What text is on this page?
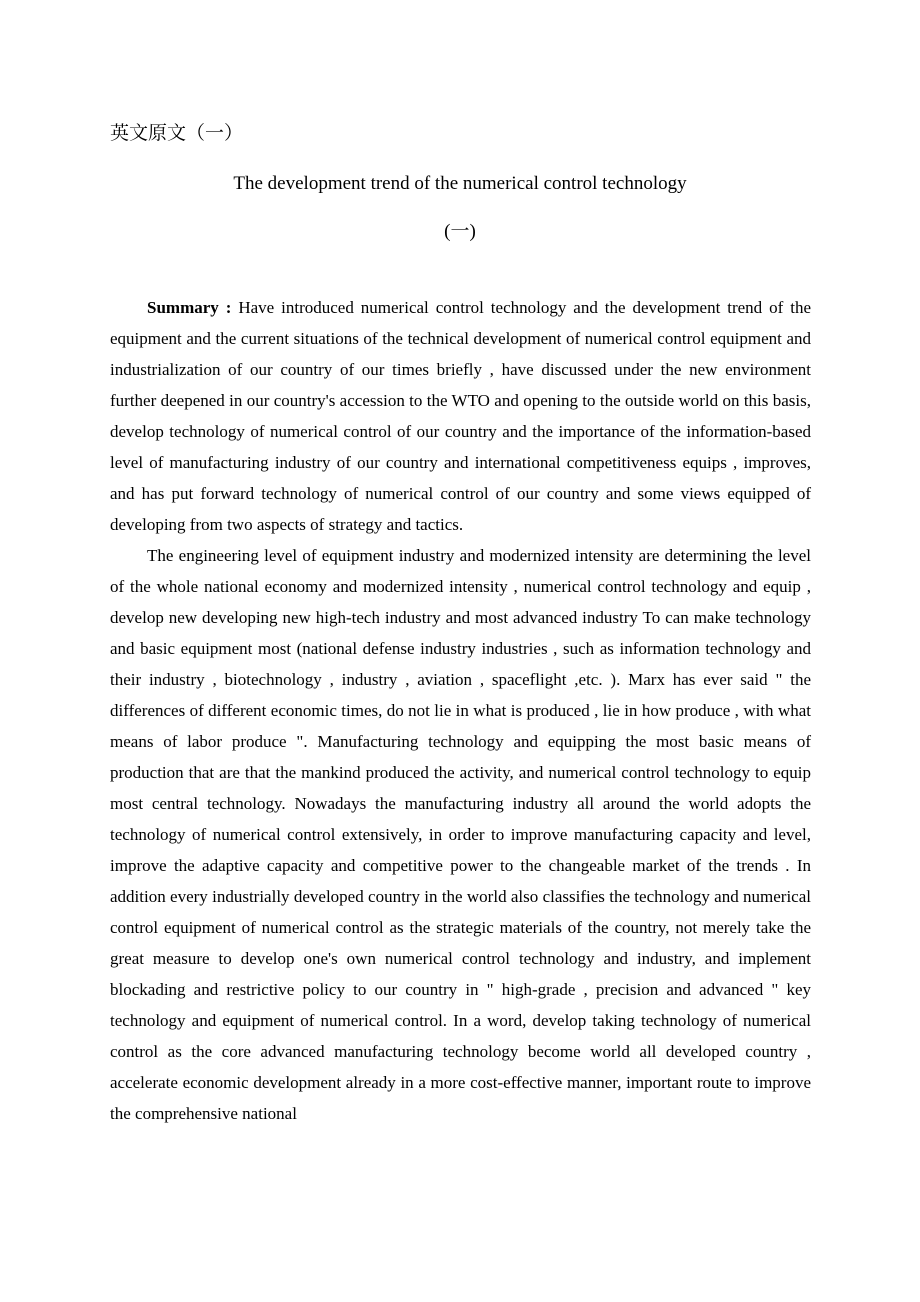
英文原文（一）
The development trend of the numerical control technology
(一)

Summary : Have introduced numerical control technology and the development trend of the equipment and the current situations of the technical development of numerical control equipment and industrialization of our country of our times briefly , have discussed under the new environment further deepened in our country's accession to the WTO and opening to the outside world on this basis, develop technology of numerical control of our country and the importance of the information-based level of manufacturing industry of our country and international competitiveness equips , improves, and has put forward technology of numerical control of our country and some views equipped of developing from two aspects of strategy and tactics.

The engineering level of equipment industry and modernized intensity are determining the level of the whole national economy and modernized intensity , numerical control technology and equip , develop new developing new high-tech industry and most advanced industry To can make technology and basic equipment most (national defense industry industries , such as information technology and their industry , biotechnology , industry , aviation , spaceflight ,etc. ). Marx has ever said " the differences of different economic times, do not lie in what is produced , lie in how produce , with what means of labor produce ". Manufacturing technology and equipping the most basic means of production that are that the mankind produced the activity, and numerical control technology to equip most central technology. Nowadays the manufacturing industry all around the world adopts the technology of numerical control extensively, in order to improve manufacturing capacity and level, improve the adaptive capacity and competitive power to the changeable market of the trends . In addition every industrially developed country in the world also classifies the technology and numerical control equipment of numerical control as the strategic materials of the country, not merely take the great measure to develop one's own numerical control technology and industry, and implement blockading and restrictive policy to our country in " high-grade , precision and advanced " key technology and equipment of numerical control. In a word, develop taking technology of numerical control as the core advanced manufacturing technology become world all developed country , accelerate economic development already in a more cost-effective manner, important route to improve the comprehensive national
